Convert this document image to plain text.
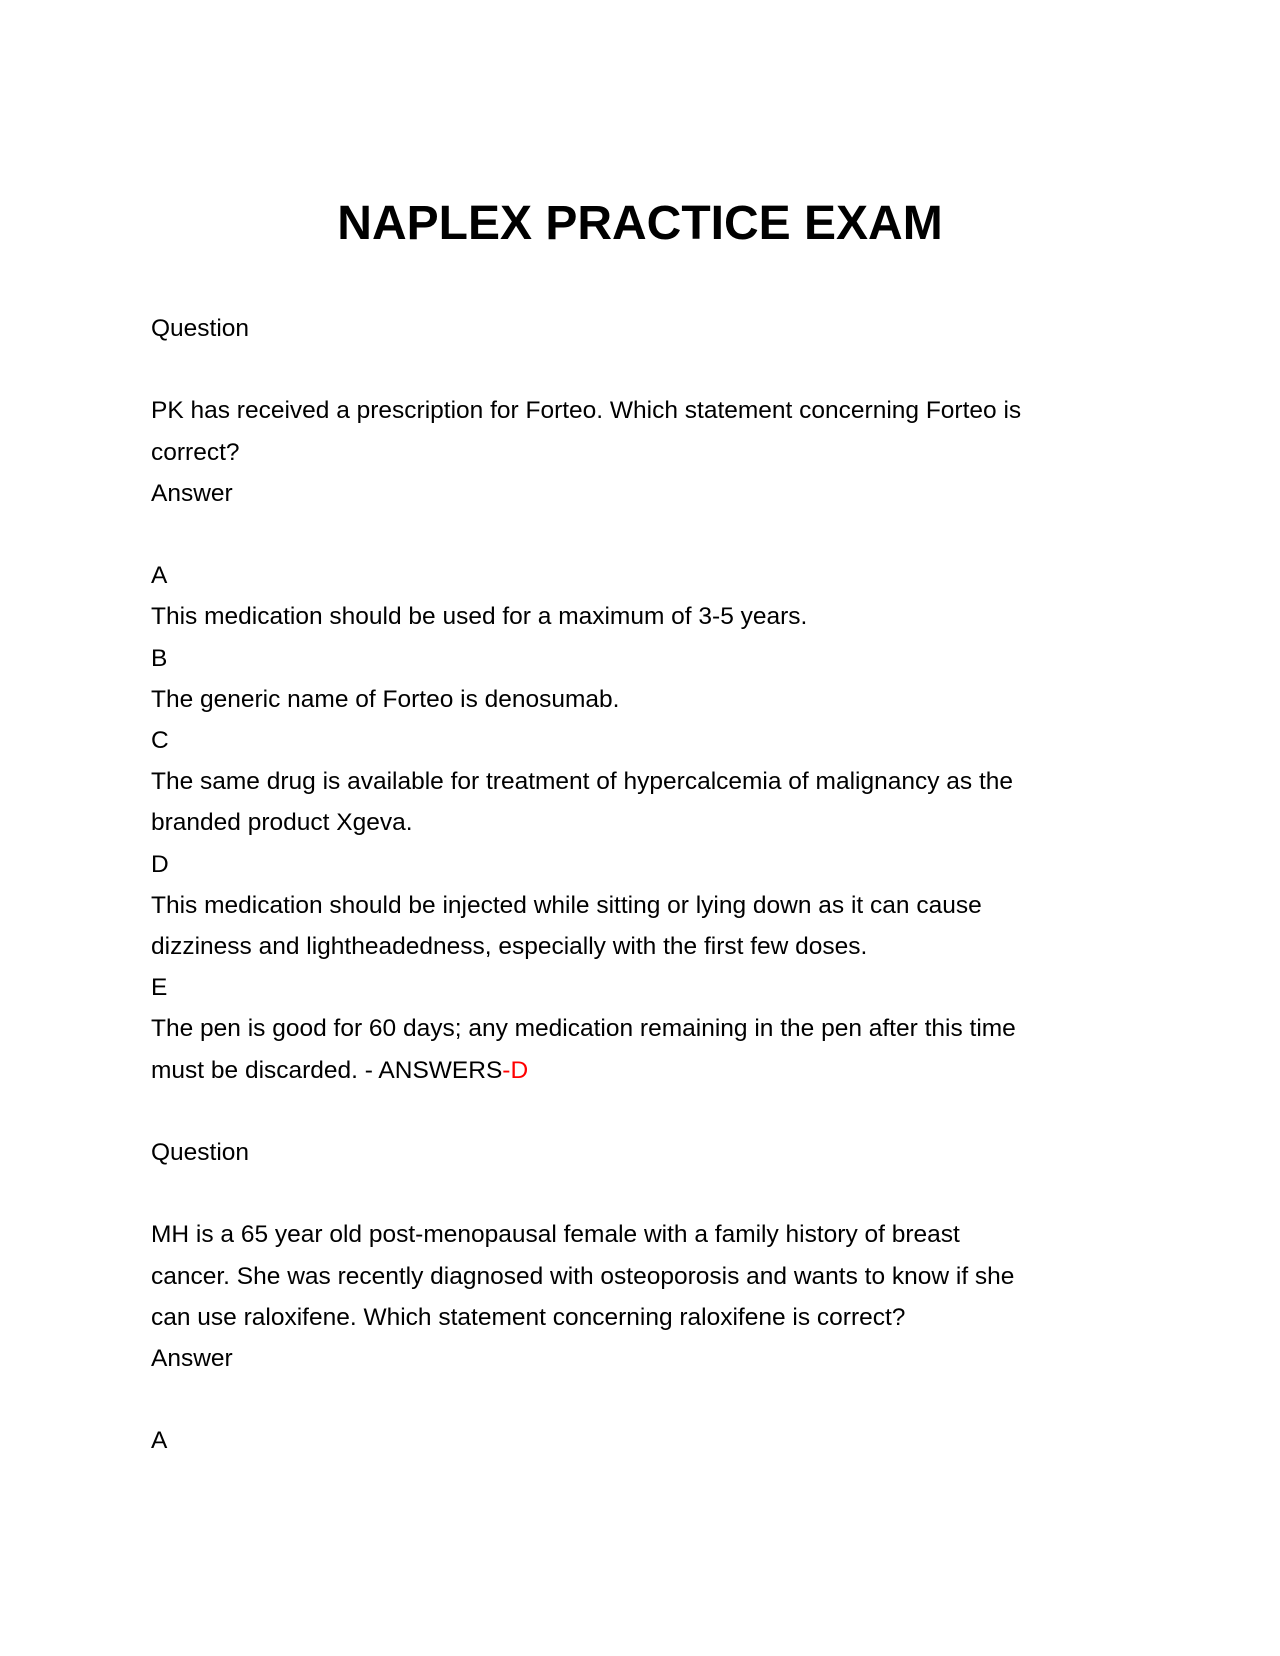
NAPLEX PRACTICE EXAM
Question
PK has received a prescription for Forteo. Which statement concerning Forteo is
correct?
Answer
A
This medication should be used for a maximum of 3-5 years.
B
The generic name of Forteo is denosumab.
C
The same drug is available for treatment of hypercalcemia of malignancy as the
branded product Xgeva.
D
This medication should be injected while sitting or lying down as it can cause
dizziness and lightheadedness, especially with the first few doses.
E
The pen is good for 60 days; any medication remaining in the pen after this time
must be discarded. - ANSWERS-D
Question
MH is a 65 year old post-menopausal female with a family history of breast
cancer. She was recently diagnosed with osteoporosis and wants to know if she
can use raloxifene. Which statement concerning raloxifene is correct?
Answer
A
